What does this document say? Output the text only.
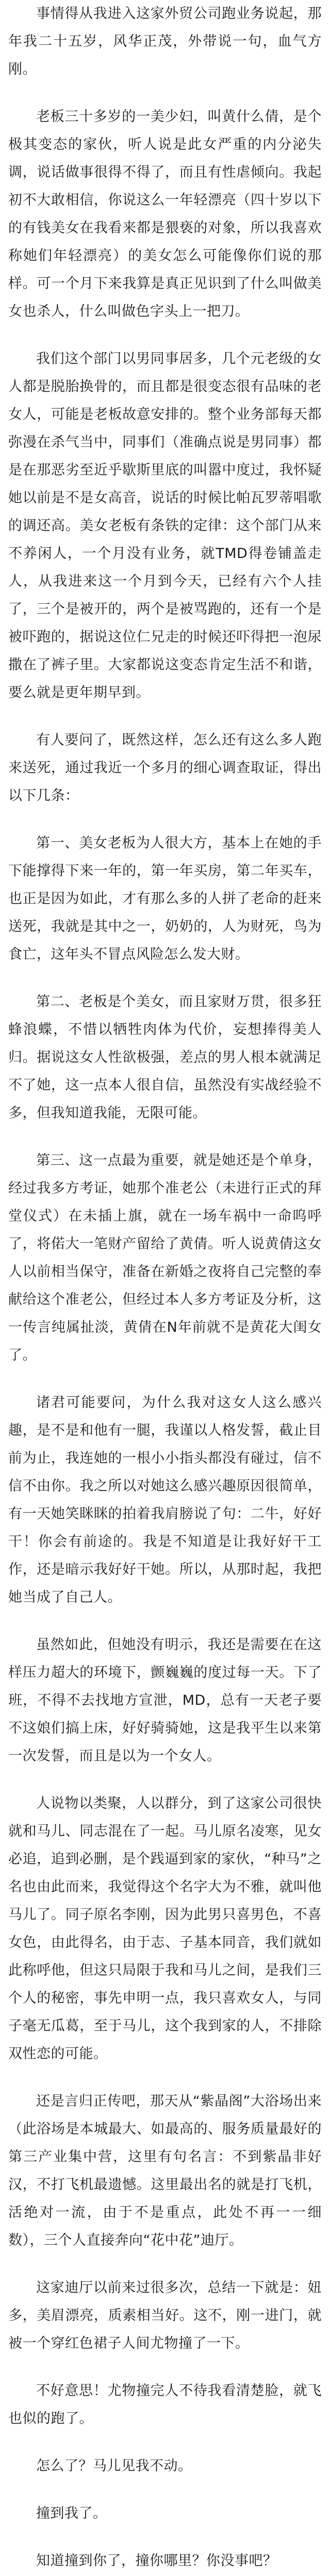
事情得从我进入这家外贸公司跑业务说起，那年我二十五岁，风华正茂，外带说一句，血气方刚。

老板三十多岁的一美少妇，叫黄什么倩，是个极其变态的家伙，听人说是此女严重的内分泌失调，说话做事很得不得了，而且有性虐倾向。我起初不大敢相信，你说这么一年轻漂亮（四十岁以下的有钱美女在我看来都是猥亵的对象，所以我喜欢称她们年轻漂亮）的美女怎么可能像你们说的那样。可一个月下来我算是真正见识到了什么叫做美女也杀人，什么叫做色字头上一把刀。

我们这个部门以男同事居多，几个元老级的女人都是脱胎换骨的，而且都是很变态很有品味的老女人，可能是老板故意安排的。整个业务部每天都弥漫在杀气当中，同事们（准确点说是男同事）都是在那恶劣至近乎歇斯里底的叫嚣中度过，我怀疑她以前是不是女高音，说话的时候比帕瓦罗蒂唱歌的调还高。美女老板有条铁的定律：这个部门从来不养闲人，一个月没有业务，就TMD得卷铺盖走人，从我进来这一个月到今天，已经有六个人挂了，三个是被开的，两个是被骂跑的，还有一个是被吓跑的，据说这位仁兄走的时候还吓得把一泡尿撒在了裤子里。大家都说这变态肯定生活不和谐，要么就是更年期早到。

有人要问了，既然这样，怎么还有这么多人跑来送死，通过我近一个多月的细心调查取证，得出以下几条：

第一、美女老板为人很大方，基本上在她的手下能撑得下来一年的，第一年买房，第二年买车，也正是因为如此，才有那么多的人拼了老命的赶来送死，我就是其中之一，奶奶的，人为财死，鸟为食亡，这年头不冒点风险怎么发大财。

第二、老板是个美女，而且家财万贯，很多狂蜂浪蝶，不惜以牺牲肉体为代价，妄想捧得美人归。据说这女人性欲极强，差点的男人根本就满足不了她，这一点本人很自信，虽然没有实战经验不多，但我知道我能，无限可能。

第三、这一点最为重要，就是她还是个单身，经过我多方考证，她那个准老公（未进行正式的拜堂仪式）在未插上旗，就在一场车祸中一命呜呼了，将偌大一笔财产留给了黄倩。听人说黄倩这女人以前相当保守，准备在新婚之夜将自己完整的奉献给这个准老公，但经过本人多方考证及分析，这一传言纯属扯淡，黄倩在N年前就不是黄花大闺女了。

诸君可能要问，为什么我对这女人这么感兴趣，是不是和他有一腿，我谨以人格发誓，截止目前为止，我连她的一根小小指头都没有碰过，信不信不由你。我之所以对她这么感兴趣原因很简单，有一天她笑眯眯的拍着我肩膀说了句：二牛，好好干！你会有前途的。我是不知道是让我好好干工作，还是暗示我好好干她。所以，从那时起，我把她当成了自己人。

虽然如此，但她没有明示，我还是需要在在这样压力超大的环境下，颤巍巍的度过每一天。下了班，不得不去找地方宣泄，MD，总有一天老子要不这娘们搞上床，好好骑骑她，这是我平生以来第一次发誓，而且是以为一个女人。

人说物以类聚，人以群分，到了这家公司很快就和马儿、同志混在了一起。马儿原名凌寒，见女必追，追到必删，是个践逼到家的家伙，“种马”之名也由此而来，我觉得这个名字大为不雅，就叫他马儿了。同子原名李刚，因为此男只喜男色，不喜女色，由此得名，由于志、子基本同音，我们就如此称呼他，但这只局限于我和马儿之间，是我们三个人的秘密，事先申明一点，我只喜欢女人，与同子毫无瓜葛，至于马儿，这个我到家的人，不排除双性恋的可能。

还是言归正传吧，那天从“紫晶阁”大浴场出来（此浴场是本城最大、如最高的、服务质量最好的第三产业集中营，这里有句名言：不到紫晶非好汉，不打飞机最遗憾。这里最出名的就是打飞机，活绝对一流，由于不是重点，此处不再一一细数），三个人直接奔向“花中花”迪厅。

这家迪厅以前来过很多次，总结一下就是：妞多，美眉漂亮，质素相当好。这不，刚一进门，就被一个穿红色裙子人间尤物撞了一下。

不好意思！尤物撞完人不待我看清楚脸，就飞也似的跑了。

怎么了？马儿见我不动。

撞到我了。

知道撞到你了，撞你哪里？你没事吧？
